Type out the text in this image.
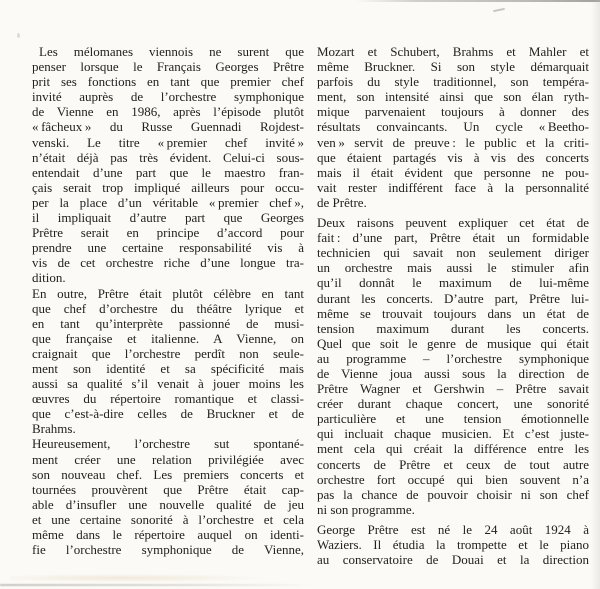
Les mélomanes viennois ne surent que
penser lorsque le Français Georges Prêtre
prit ses fonctions en tant que premier chef
invité auprès de l’orchestre symphonique
de Vienne en 1986, après l’épisode plutôt
« fâcheux » du Russe Guennadi Rojdest-
venski. Le titre « premier chef invité »
n’était déjà pas très évident. Celui-ci sous-
entendait d’une part que le maestro fran-
çais serait trop impliqué ailleurs pour occu-
per la place d’un véritable « premier chef »,
il impliquait d’autre part que Georges
Prêtre serait en principe d’accord pour
prendre une certaine responsabilité vis à
vis de cet orchestre riche d’une longue tra-
dition.
En outre, Prêtre était plutôt célèbre en tant
que chef d’orchestre du théâtre lyrique et
en tant qu’interprète passionné de musi-
que française et italienne. A Vienne, on
craignait que l’orchestre perdît non seule-
ment son identité et sa spécificité mais
aussi sa qualité s’il venait à jouer moins les
œuvres du répertoire romantique et classi-
que c’est-à-dire celles de Bruckner et de
Brahms.
Heureusement, l’orchestre sut spontané-
ment créer une relation privilégiée avec
son nouveau chef. Les premiers concerts et
tournées prouvèrent que Prêtre était cap-
able d’insufler une nouvelle qualité de jeu
et une certaine sonorité à l’orchestre et cela
même dans le répertoire auquel on identi-
fie l’orchestre symphonique de Vienne,
Mozart et Schubert, Brahms et Mahler et
même Bruckner. Si son style démarquait
parfois du style traditionnel, son tempéra-
ment, son intensité ainsi que son élan ryth-
mique parvenaient toujours à donner des
résultats convaincants. Un cycle « Beetho-
ven » servit de preuve : le public et la criti-
que étaient partagés vis à vis des concerts
mais il était évident que personne ne pou-
vait rester indifférent face à la personnalité
de Prêtre.
Deux raisons peuvent expliquer cet état de
fait : d’une part, Prêtre était un formidable
technicien qui savait non seulement diriger
un orchestre mais aussi le stimuler afin
qu’il donnât le maximum de lui-même
durant les concerts. D’autre part, Prêtre lui-
même se trouvait toujours dans un état de
tension maximum durant les concerts.
Quel que soit le genre de musique qui était
au programme – l’orchestre symphonique
de Vienne joua aussi sous la direction de
Prêtre Wagner et Gershwin – Prêtre savait
créer durant chaque concert, une sonorité
particulière et une tension émotionnelle
qui incluait chaque musicien. Et c’est juste-
ment cela qui créait la différence entre les
concerts de Prêtre et ceux de tout autre
orchestre fort occupé qui bien souvent n’a
pas la chance de pouvoir choisir ni son chef
ni son programme.
George Prêtre est né le 24 août 1924 à
Waziers. Il étudia la trompette et le piano
au conservatoire de Douai et la direction
